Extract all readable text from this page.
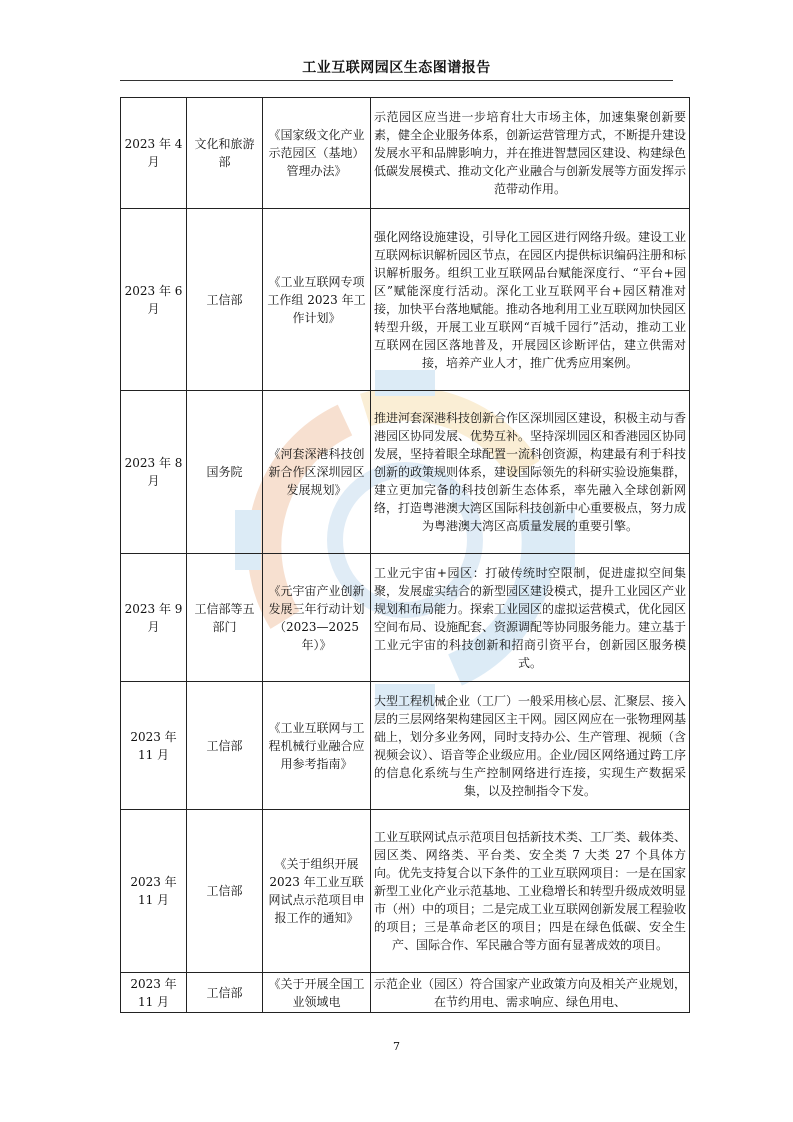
工业互联网园区生态图谱报告
2023 年 4 月	文化和旅游部	《国家级文化产业示范园区（基地）管理办法》	示范园区应当进一步培育壮大市场主体，加速集聚创新要素，健全企业服务体系，创新运营管理方式，不断提升建设发展水平和品牌影响力，并在推进智慧园区建设、构建绿色低碳发展模式、推动文化产业融合与创新发展等方面发挥示范带动作用。
2023 年 6 月	工信部	《工业互联网专项工作组 2023 年工作计划》	强化网络设施建设，引导化工园区进行网络升级。建设工业互联网标识解析园区节点，在园区内提供标识编码注册和标识解析服务。组织工业互联网品台赋能深度行、“平台+园区”赋能深度行活动。深化工业互联网平台+园区精准对接，加快平台落地赋能。推动各地利用工业互联网加快园区转型升级，开展工业互联网“百城千园行”活动，推动工业互联网在园区落地普及，开展园区诊断评估，建立供需对接，培养产业人才，推广优秀应用案例。
2023 年 8 月	国务院	《河套深港科技创新合作区深圳园区发展规划》	推进河套深港科技创新合作区深圳园区建设，积极主动与香港园区协同发展、优势互补。坚持深圳园区和香港园区协同发展，坚持着眼全球配置一流科创资源，构建最有利于科技创新的政策规则体系，建设国际领先的科研实验设施集群，建立更加完备的科技创新生态体系，率先融入全球创新网络，打造粤港澳大湾区国际科技创新中心重要极点，努力成为粤港澳大湾区高质量发展的重要引擎。
2023 年 9 月	工信部等五部门	《元宇宙产业创新发展三年行动计划（2023—2025 年）》	工业元宇宙+园区：打破传统时空限制，促进虚拟空间集聚，发展虚实结合的新型园区建设模式，提升工业园区产业规划和布局能力。探索工业园区的虚拟运营模式，优化园区空间布局、设施配套、资源调配等协同服务能力。建立基于工业元宇宙的科技创新和招商引资平台，创新园区服务模式。
2023 年 11 月	工信部	《工业互联网与工程机械行业融合应用参考指南》	大型工程机械企业（工厂）一般采用核心层、汇聚层、接入层的三层网络架构建园区主干网。园区网应在一张物理网基础上，划分多业务网，同时支持办公、生产管理、视频（含视频会议）、语音等企业级应用。企业/园区网络通过跨工序的信息化系统与生产控制网络进行连接，实现生产数据采集，以及控制指令下发。
2023 年 11 月	工信部	《关于组织开展 2023 年工业互联网试点示范项目申报工作的通知》	工业互联网试点示范项目包括新技术类、工厂类、载体类、园区类、网络类、平台类、安全类 7 大类 27 个具体方向。优先支持复合以下条件的工业互联网项目：一是在国家新型工业化产业示范基地、工业稳增长和转型升级成效明显市（州）中的项目；二是完成工业互联网创新发展工程验收的项目；三是革命老区的项目；四是在绿色低碳、安全生产、国际合作、军民融合等方面有显著成效的项目。
2023 年 11 月	工信部	《关于开展全国工业领域电	示范企业（园区）符合国家产业政策方向及相关产业规划，在节约用电、需求响应、绿色用电、
7
